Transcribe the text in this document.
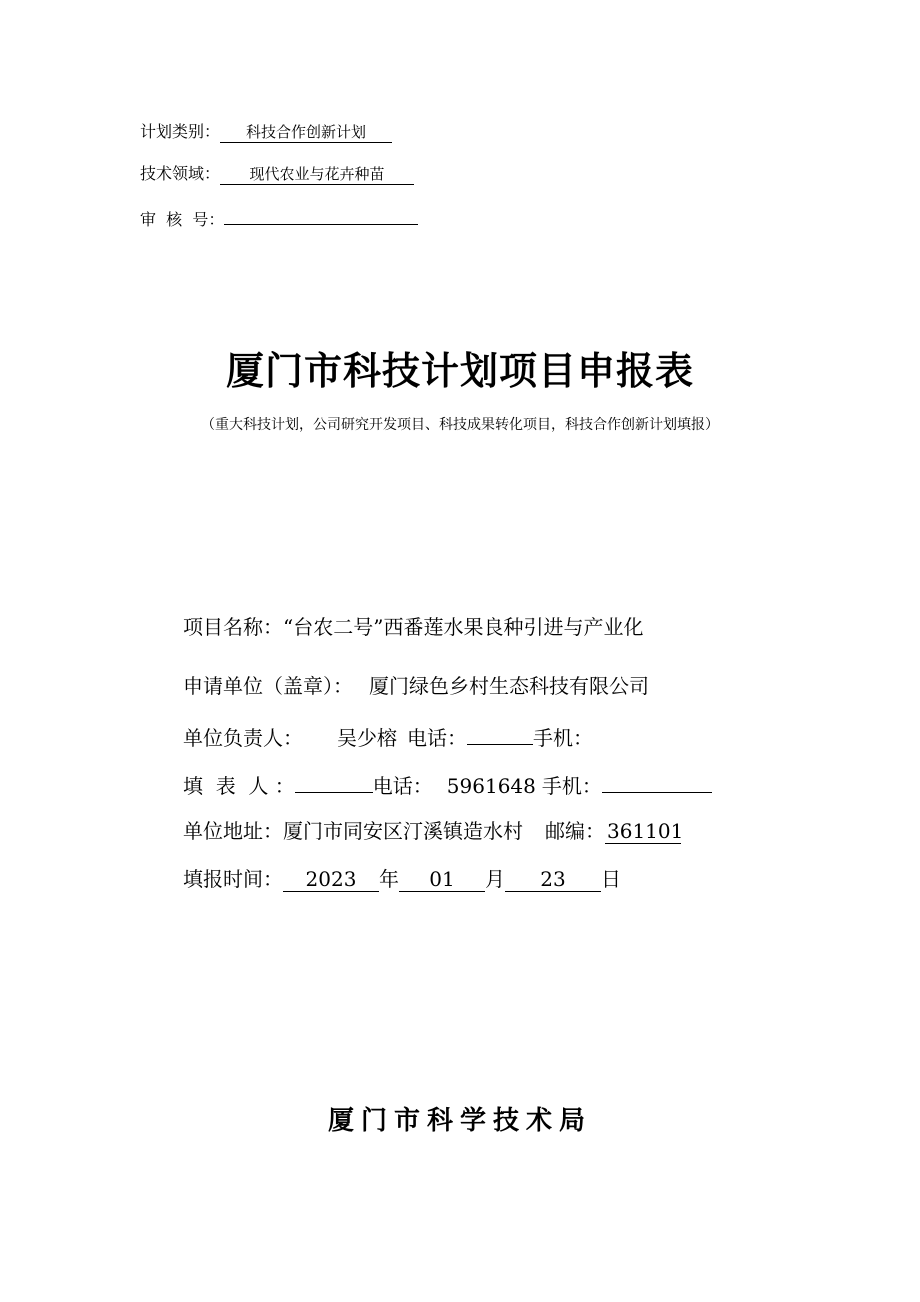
计划类别： 科技合作创新计划
技术领域： 现代农业与花卉种苗
审  核  号：
厦门市科技计划项目申报表
（重大科技计划，公司研究开发项目、科技成果转化项目，科技合作创新计划填报）
项目名称：“台农二号”西番莲水果良种引进与产业化
申请单位（盖章）： 厦门绿色乡村生态科技有限公司
单位负责人： 吴少榕 电话：	手机：
填  表  人 ：	电话： 5961648 手机：
单位地址：厦门市同安区汀溪镇造水村 邮编： 361101
填报时间： 2023 年 01 月 23 日
厦门市科学技术局
